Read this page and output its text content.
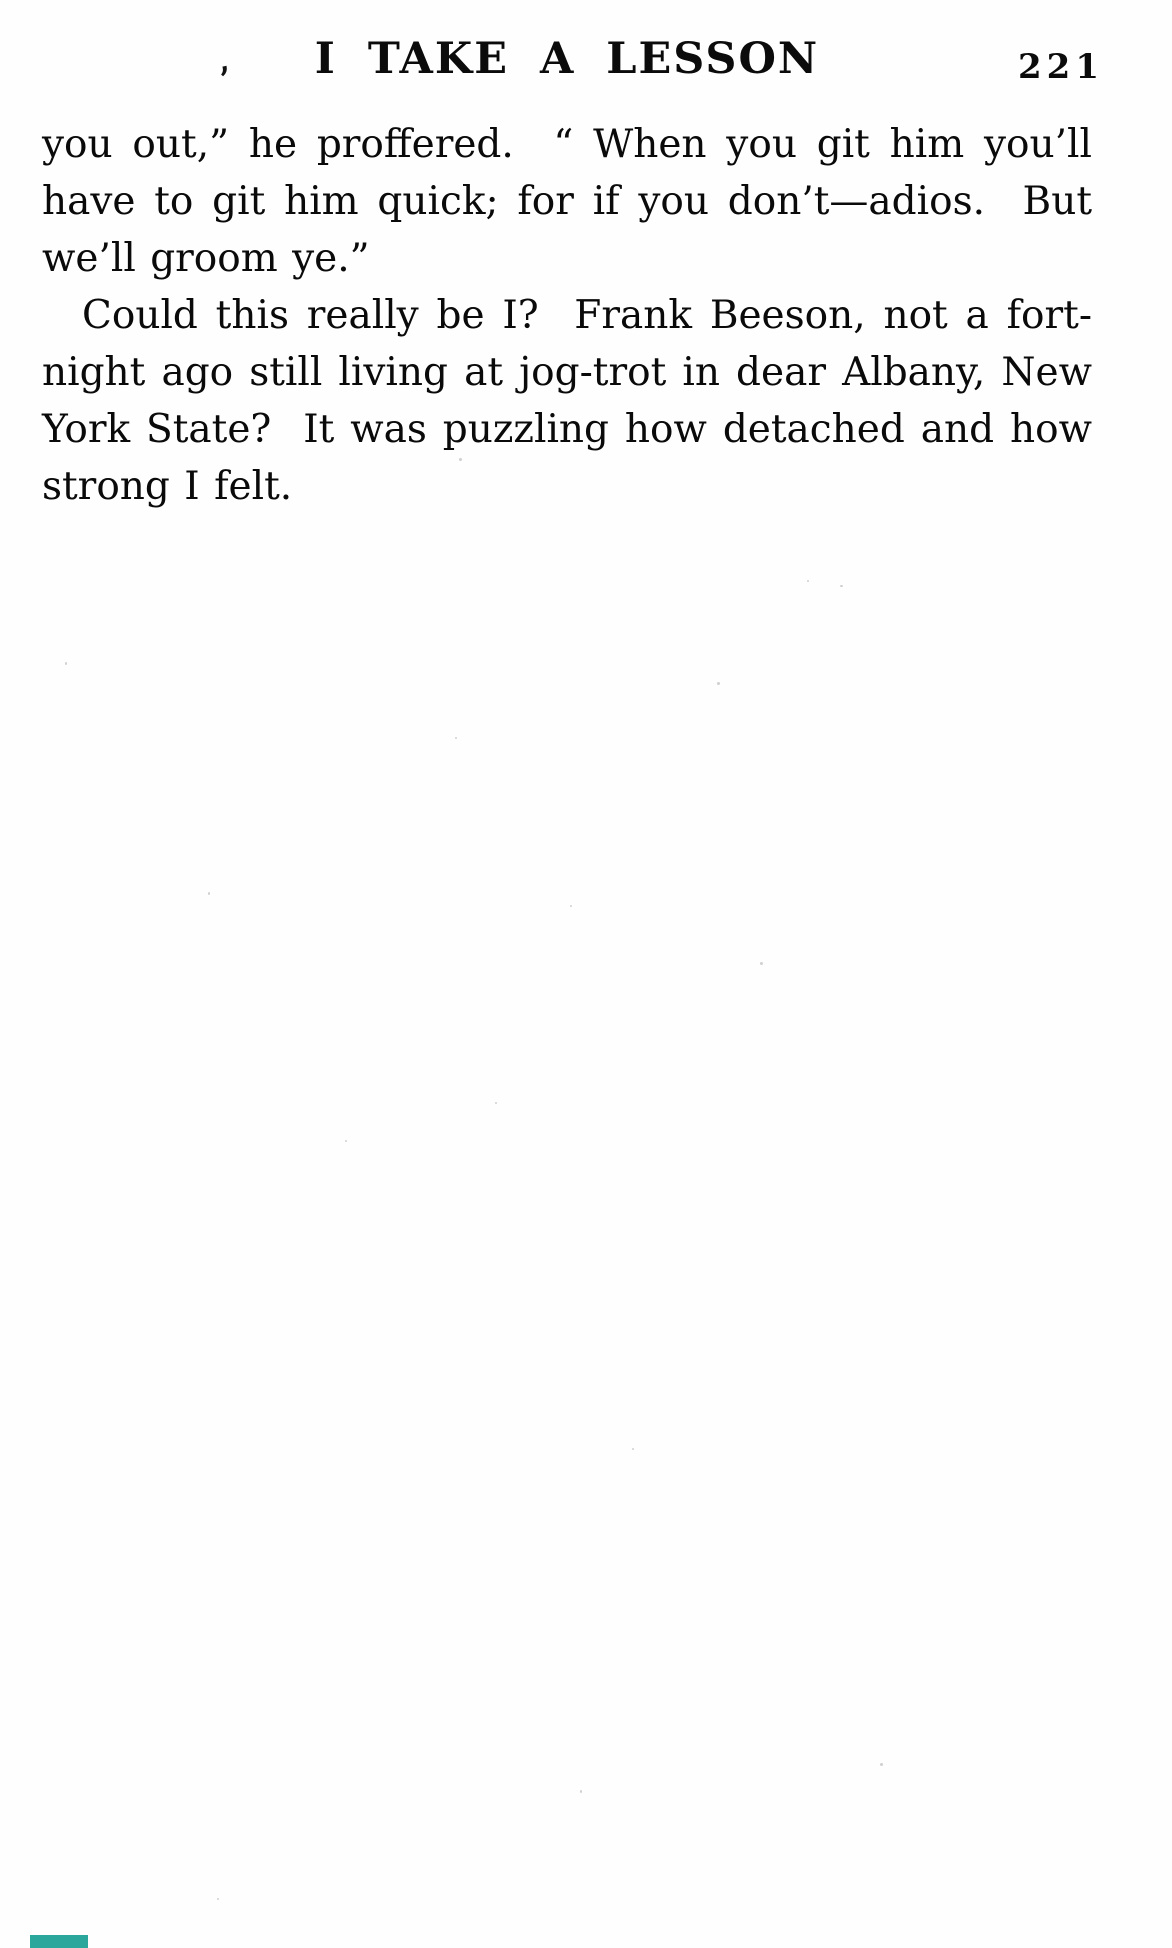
,	I TAKE A LESSON	221

you out,” he proffered.  “ When you git him you’ll
have to git him quick; for if you don’t—adios.  But
we’ll groom ye.”

Could this really be I?  Frank Beeson, not a fort-
night ago still living at jog-trot in dear Albany, New
York State?  It was puzzling how detached and how
strong I felt.
